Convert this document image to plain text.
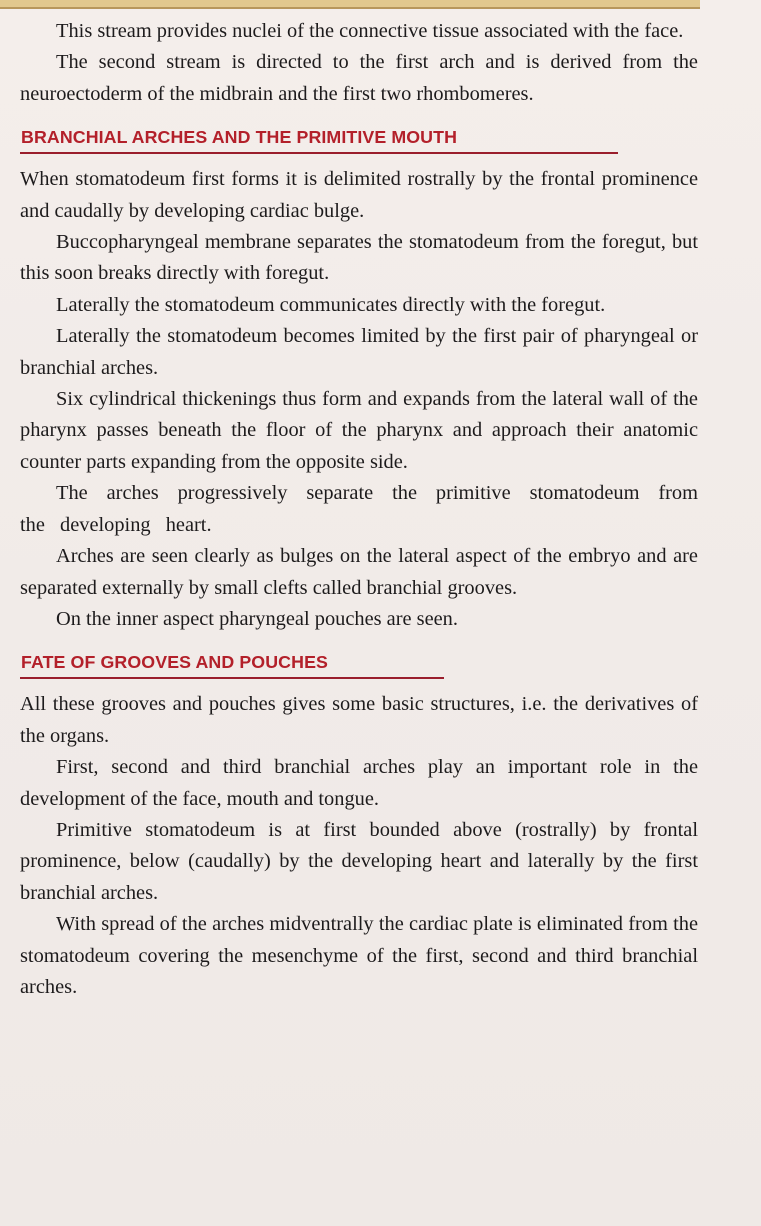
This stream provides nuclei of the connective tissue associated with the face.

The second stream is directed to the first arch and is derived from the neuroectoderm of the midbrain and the first two rhombomeres.

BRANCHIAL ARCHES AND THE PRIMITIVE MOUTH

When stomatodeum first forms it is delimited rostrally by the frontal prominence and caudally by developing cardiac bulge.

Buccopharyngeal membrane separates the stomatodeum from the foregut, but this soon breaks directly with foregut.

Laterally the stomatodeum communicates directly with the foregut.

Laterally the stomatodeum becomes limited by the first pair of pharyngeal or branchial arches.

Six cylindrical thickenings thus form and expands from the lateral wall of the pharynx passes beneath the floor of the pharynx and approach their anatomic counter parts expanding from the opposite side.

The arches progressively separate the primitive stomatodeum from the developing heart.

Arches are seen clearly as bulges on the lateral aspect of the embryo and are separated externally by small clefts called branchial grooves.

On the inner aspect pharyngeal pouches are seen.

FATE OF GROOVES AND POUCHES

All these grooves and pouches gives some basic structures, i.e. the derivatives of the organs.

First, second and third branchial arches play an important role in the development of the face, mouth and tongue.

Primitive stomatodeum is at first bounded above (rostrally) by frontal prominence, below (caudally) by the developing heart and laterally by the first branchial arches.

With spread of the arches midventrally the cardiac plate is eliminated from the stomatodeum covering the mesenchyme of the first, second and third branchial arches.
